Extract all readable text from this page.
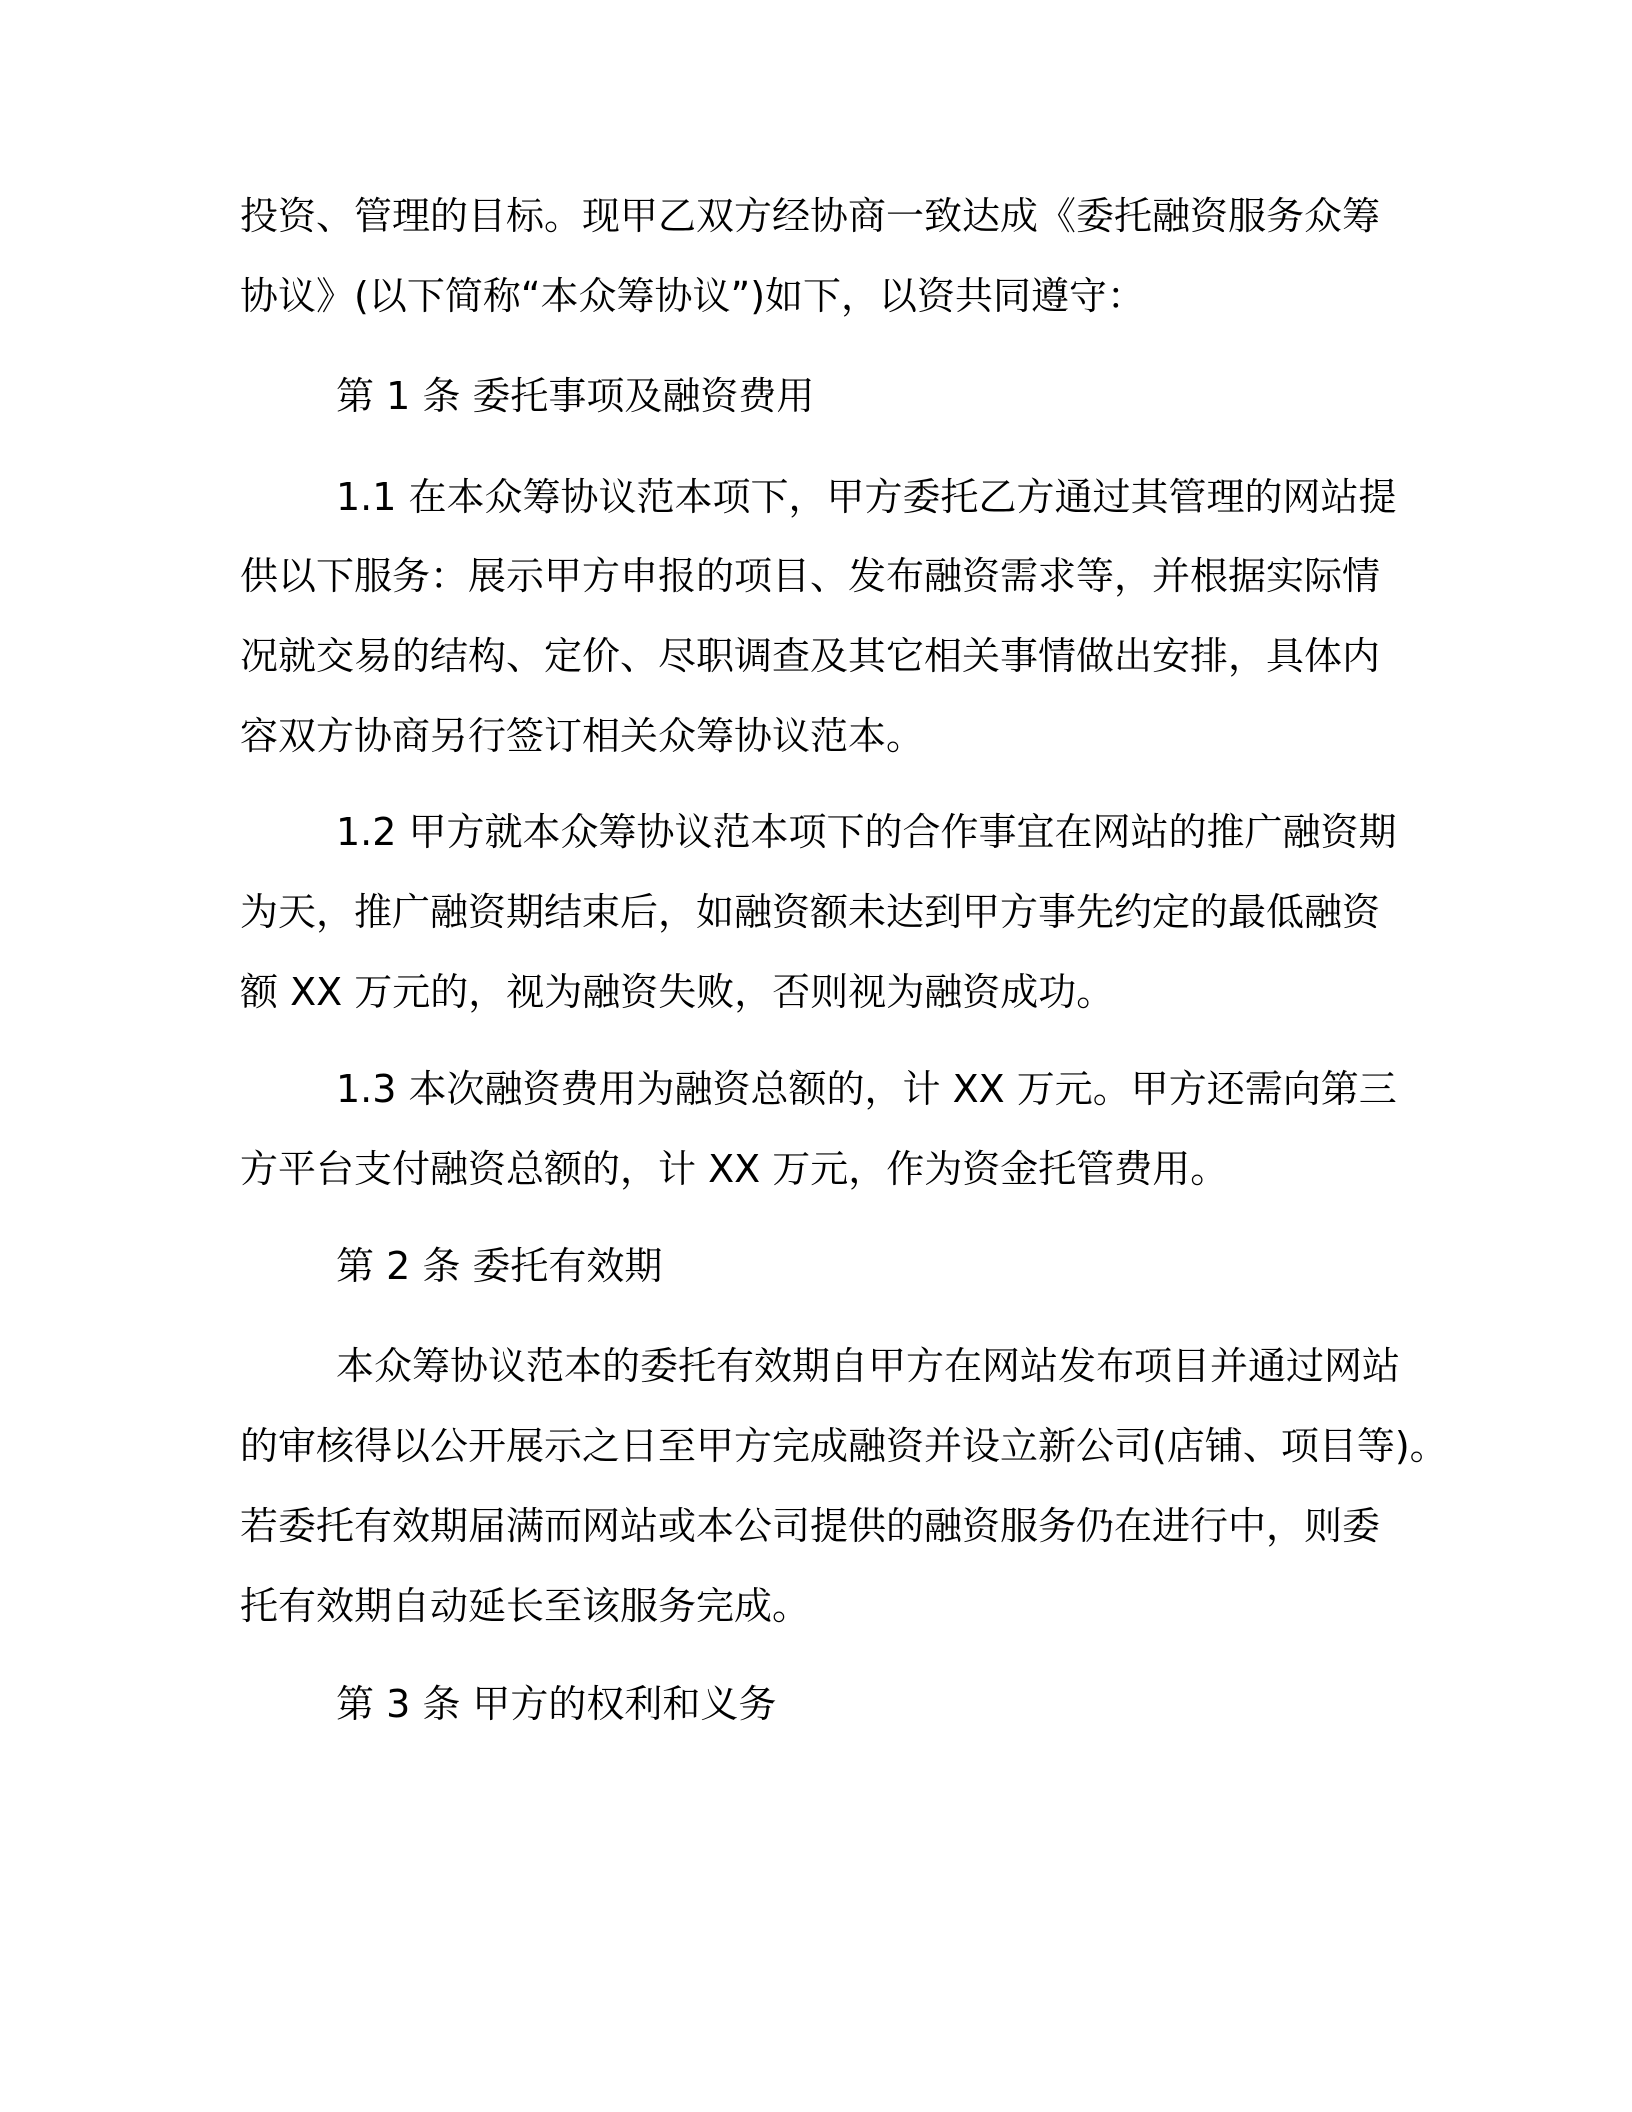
投资、管理的目标。现甲乙双方经协商一致达成《委托融资服务众筹
协议》(以下简称“本众筹协议”)如下，以资共同遵守：
第 1 条 委托事项及融资费用
1.1 在本众筹协议范本项下，甲方委托乙方通过其管理的网站提
供以下服务：展示甲方申报的项目、发布融资需求等，并根据实际情
况就交易的结构、定价、尽职调查及其它相关事情做出安排，具体内
容双方协商另行签订相关众筹协议范本。
1.2 甲方就本众筹协议范本项下的合作事宜在网站的推广融资期
为天，推广融资期结束后，如融资额未达到甲方事先约定的最低融资
额 XX 万元的，视为融资失败，否则视为融资成功。
1.3 本次融资费用为融资总额的，计 XX 万元。甲方还需向第三
方平台支付融资总额的，计 XX 万元，作为资金托管费用。
第 2 条 委托有效期
本众筹协议范本的委托有效期自甲方在网站发布项目并通过网站
的审核得以公开展示之日至甲方完成融资并设立新公司(店铺、项目等)。
若委托有效期届满而网站或本公司提供的融资服务仍在进行中，则委
托有效期自动延长至该服务完成。
第 3 条 甲方的权利和义务
